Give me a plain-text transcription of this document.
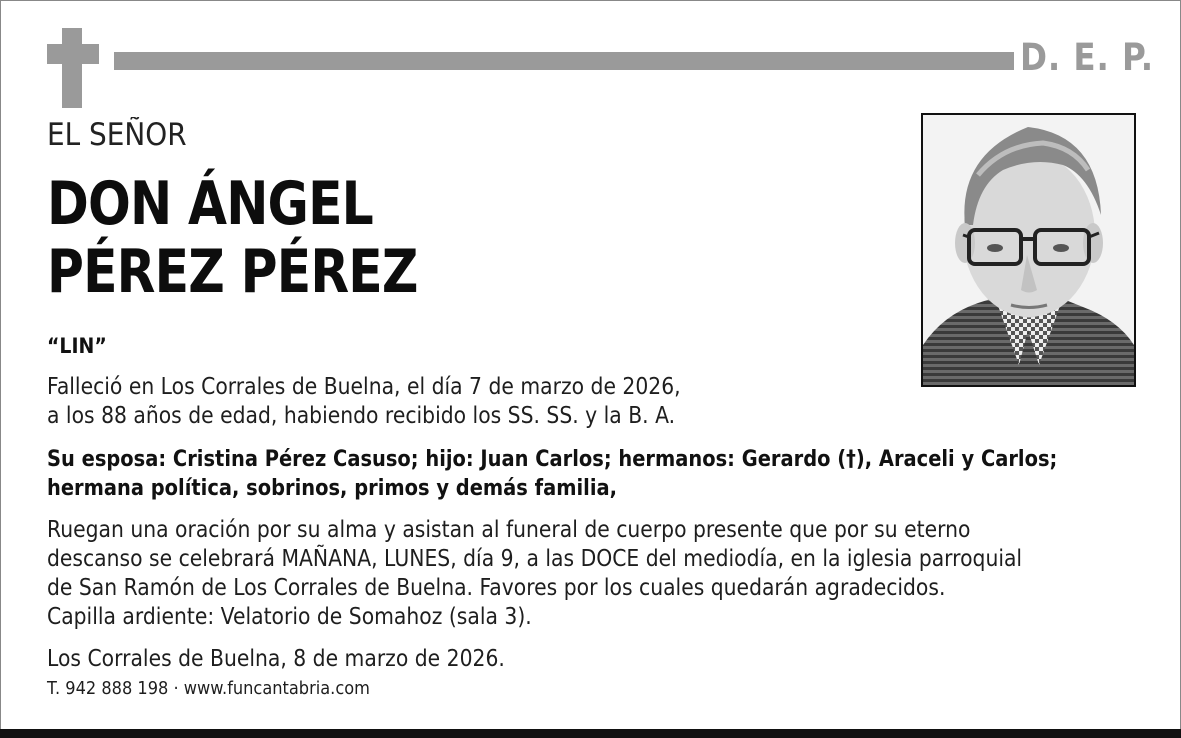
D. E. P.
EL SEÑOR
DON ÁNGEL
PÉREZ PÉREZ
“LIN”
Falleció en Los Corrales de Buelna, el día 7 de marzo de 2026,
a los 88 años de edad, habiendo recibido los SS. SS. y la B. A.
Su esposa: Cristina Pérez Casuso; hijo: Juan Carlos; hermanos: Gerardo (†), Araceli y Carlos;
hermana política, sobrinos, primos y demás familia,
Ruegan una oración por su alma y asistan al funeral de cuerpo presente que por su eterno
descanso se celebrará MAÑANA, LUNES, día 9, a las DOCE del mediodía, en la iglesia parroquial
de San Ramón de Los Corrales de Buelna. Favores por los cuales quedarán agradecidos.
Capilla ardiente: Velatorio de Somahoz (sala 3).
Los Corrales de Buelna, 8 de marzo de 2026.
T. 942 888 198 · www.funcantabria.com
